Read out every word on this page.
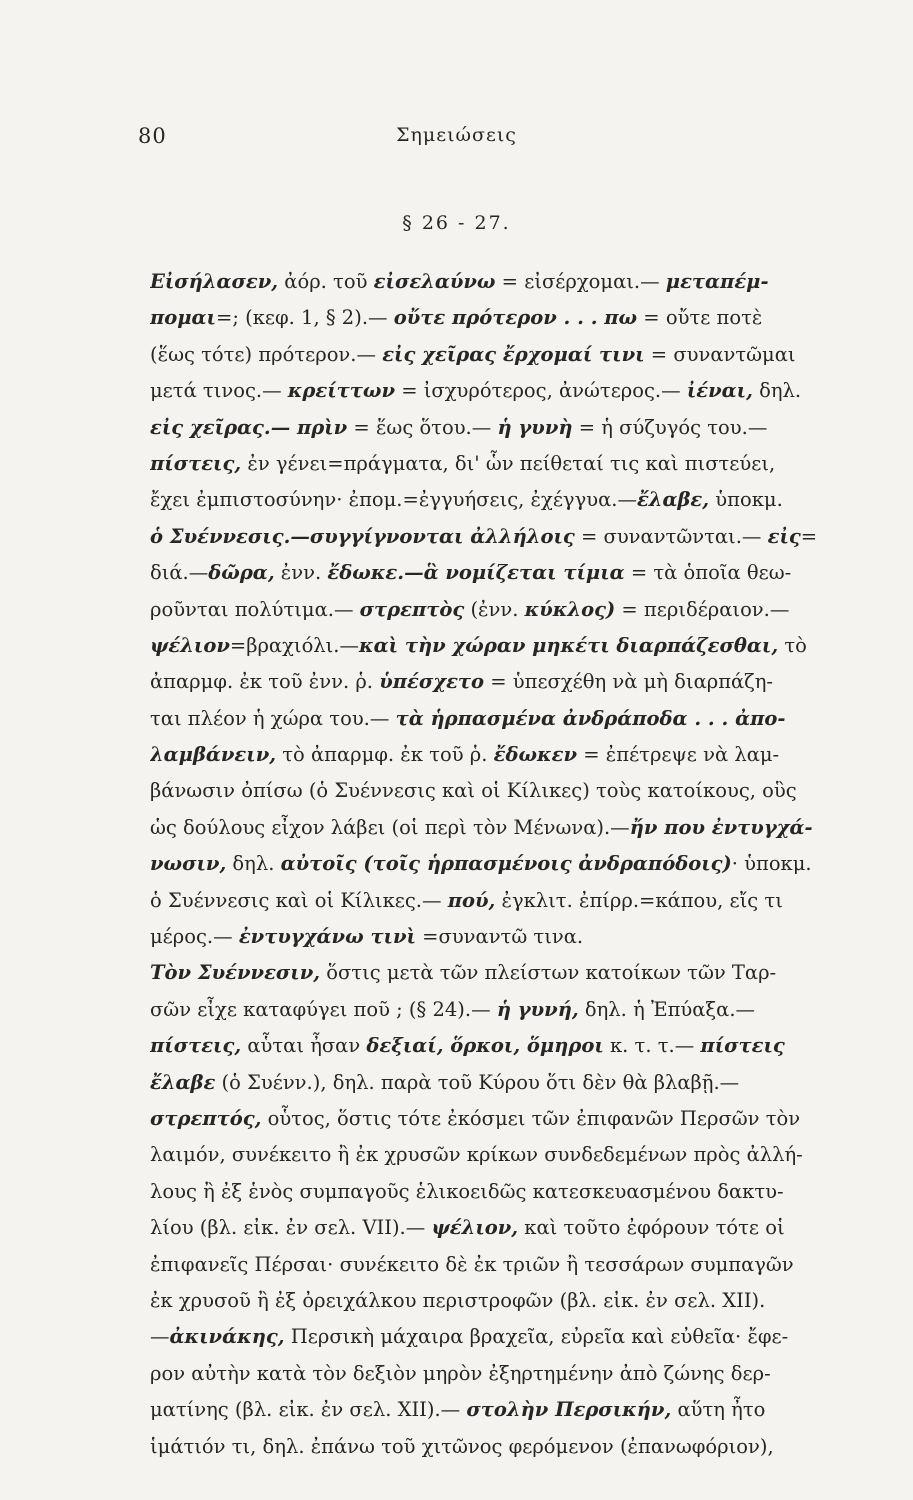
80	Σημειώσεις
§ 26 - 27.
Εἰσήλασεν, ἀόρ. τοῦ εἰσελαύνω = εἰσέρχομαι.— μεταπέμ-
πομαι=; (κεφ. 1, § 2).— οὔτε πρότερον . . . πω = οὔτε ποτὲ
(ἕως τότε) πρότερον.— εἰς χεῖρας ἔρχομαί τινι = συναντῶμαι
μετά τινος.— κρείττων = ἰσχυρότερος, ἀνώτερος.— ἰέναι, δηλ.
εἰς χεῖρας.— πρὶν = ἕως ὅτου.— ἡ γυνὴ = ἡ σύζυγός του.—
πίστεις, ἐν γένει=πράγματα, δι' ὧν πείθεταί τις καὶ πιστεύει,
ἔχει ἐμπιστοσύνην· ἐπομ.=ἐγγυήσεις, ἐχέγγυα.—ἔλαβε, ὑποκμ.
ὁ Συέννεσις.—συγγίγνονται ἀλλήλοις = συναντῶνται.— εἰς=
διά.—δῶρα, ἐνν. ἔδωκε.—ἃ νομίζεται τίμια = τὰ ὁποῖα θεω-
ροῦνται πολύτιμα.— στρεπτὸς (ἐνν. κύκλος) = περιδέραιον.—
ψέλιον=βραχιόλι.—καὶ τὴν χώραν μηκέτι διαρπάζεσθαι, τὸ
ἀπαρμφ. ἐκ τοῦ ἐνν. ῥ. ὑπέσχετο = ὑπεσχέθη νὰ μὴ διαρπάζη-
ται πλέον ἡ χώρα του.— τὰ ἡρπασμένα ἀνδράποδα . . . ἀπο-
λαμβάνειν, τὸ ἀπαρμφ. ἐκ τοῦ ῥ. ἔδωκεν = ἐπέτρεψε νὰ λαμ-
βάνωσιν ὀπίσω (ὁ Συέννεσις καὶ οἱ Κίλικες) τοὺς κατοίκους, οὓς
ὡς δούλους εἶχον λάβει (οἱ περὶ τὸν Μένωνα).—ἤν που ἐντυγχά-
νωσιν, δηλ. αὐτοῖς (τοῖς ἡρπασμένοις ἀνδραπόδοις)· ὑποκμ.
ὁ Συέννεσις καὶ οἱ Κίλικες.— πού, ἐγκλιτ. ἐπίρρ.=κάπου, εἴς τι
μέρος.— ἐντυγχάνω τινὶ =συναντῶ τινα.
Τὸν Συέννεσιν, ὅστις μετὰ τῶν πλείστων κατοίκων τῶν Ταρ-
σῶν εἶχε καταφύγει ποῦ ; (§ 24).— ἡ γυνή, δηλ. ἡ Ἐπύαξα.—
πίστεις, αὗται ἦσαν δεξιαί, ὅρκοι, ὅμηροι κ. τ. τ.— πίστεις
ἔλαβε (ὁ Συένν.), δηλ. παρὰ τοῦ Κύρου ὅτι δὲν θὰ βλαβῇ.—
στρεπτός, οὗτος, ὅστις τότε ἐκόσμει τῶν ἐπιφανῶν Περσῶν τὸν
λαιμόν, συνέκειτο ἢ ἐκ χρυσῶν κρίκων συνδεδεμένων πρὸς ἀλλή-
λους ἢ ἐξ ἑνὸς συμπαγοῦς ἑλικοειδῶς κατεσκευασμένου δακτυ-
λίου (βλ. εἰκ. ἐν σελ. VII).— ψέλιον, καὶ τοῦτο ἐφόρουν τότε οἱ
ἐπιφανεῖς Πέρσαι· συνέκειτο δὲ ἐκ τριῶν ἢ τεσσάρων συμπαγῶν
ἐκ χρυσοῦ ἢ ἐξ ὀρειχάλκου περιστροφῶν (βλ. εἰκ. ἐν σελ. XII).
—ἀκινάκης, Περσικὴ μάχαιρα βραχεῖα, εὐρεῖα καὶ εὐθεῖα· ἔφε-
ρον αὐτὴν κατὰ τὸν δεξιὸν μηρὸν ἐξηρτημένην ἀπὸ ζώνης δερ-
ματίνης (βλ. εἰκ. ἐν σελ. XII).— στολὴν Περσικήν, αὕτη ἦτο
ἱμάτιόν τι, δηλ. ἐπάνω τοῦ χιτῶνος φερόμενον (ἐπανωφόριον),
